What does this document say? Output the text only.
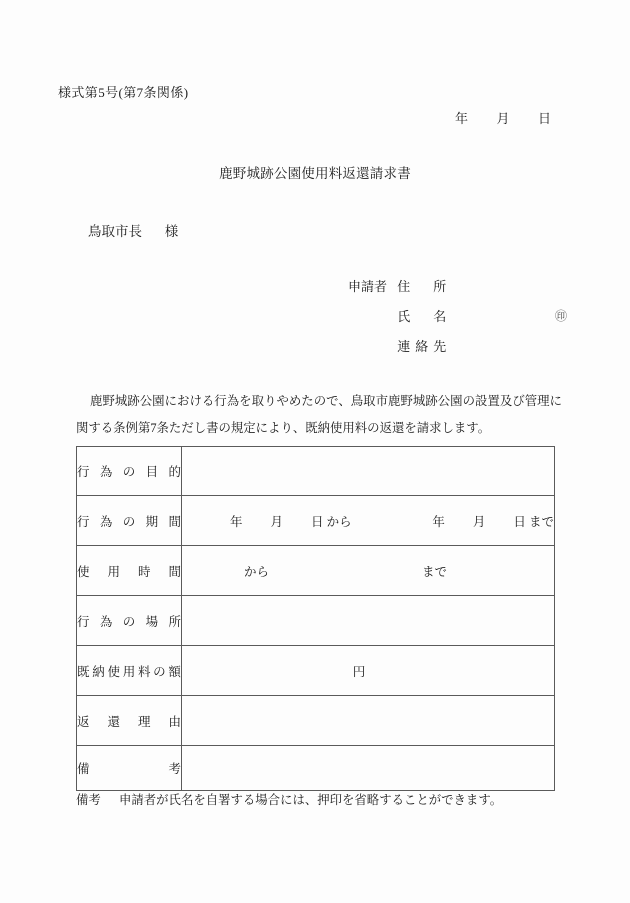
様式第5号(第7条関係)
年 月 日
鹿野城跡公園使用料返還請求書
鳥取市長 様
申請者 住　所
氏　名	㊞
連絡先
鹿野城跡公園における行為を取りやめたので、鳥取市鹿野城跡公園の設置及び管理に関する条例第7条ただし書の規定により、既納使用料の返還を請求します。
行 為 の 目 的	

行 為 の 期 間	年 月 日 から 年 月 日 まで

使 用 時 間	から まで

行 為 の 場 所	

既 納 使 用 料 の 額	円

返 還 理 由	

備 考	

備考 申請者が氏名を自署する場合には、押印を省略することができます。
